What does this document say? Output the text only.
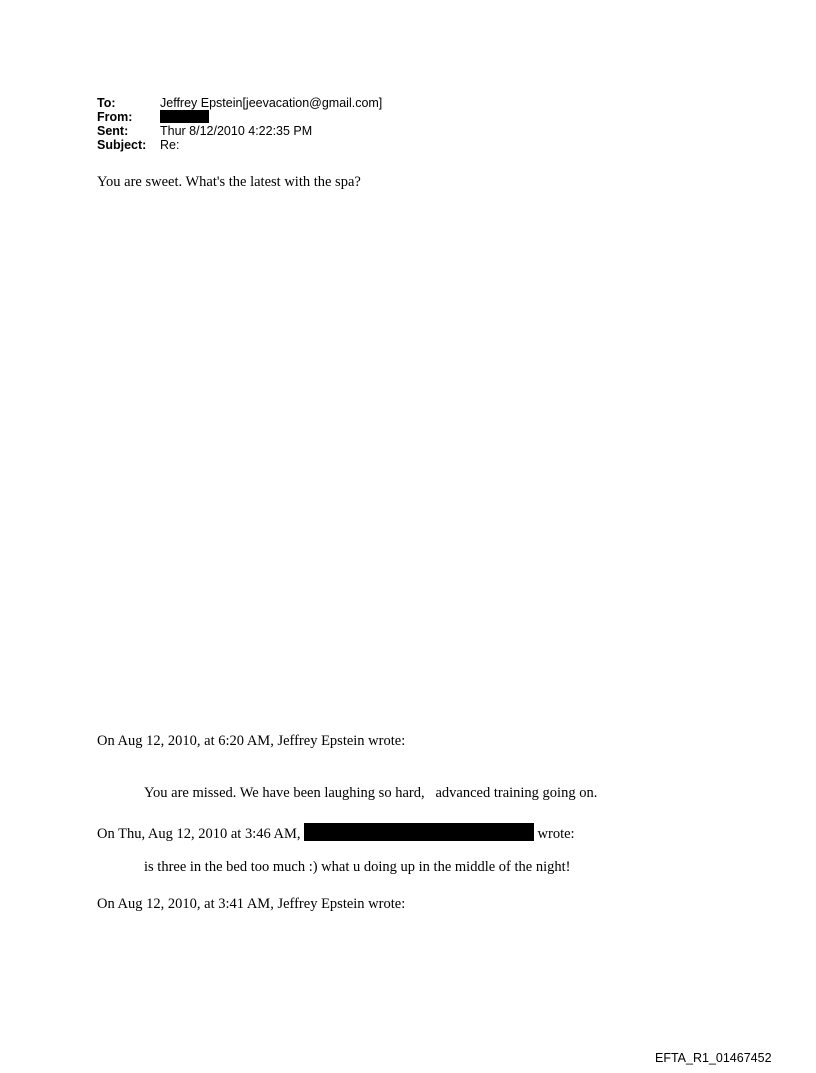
To:	Jeffrey Epstein[jeevacation@gmail.com]
From:
Sent:	Thur 8/12/2010 4:22:35 PM
Subject:	Re:
You are sweet. What's the latest with the spa?
On Aug 12, 2010, at 6:20 AM, Jeffrey Epstein wrote:
You are missed. We have been laughing so hard,   advanced training going on.
On Thu, Aug 12, 2010 at 3:46 AM,	wrote:
is three in the bed too much :) what u doing up in the middle of the night!
On Aug 12, 2010, at 3:41 AM, Jeffrey Epstein wrote:
EFTA_R1_01467452
